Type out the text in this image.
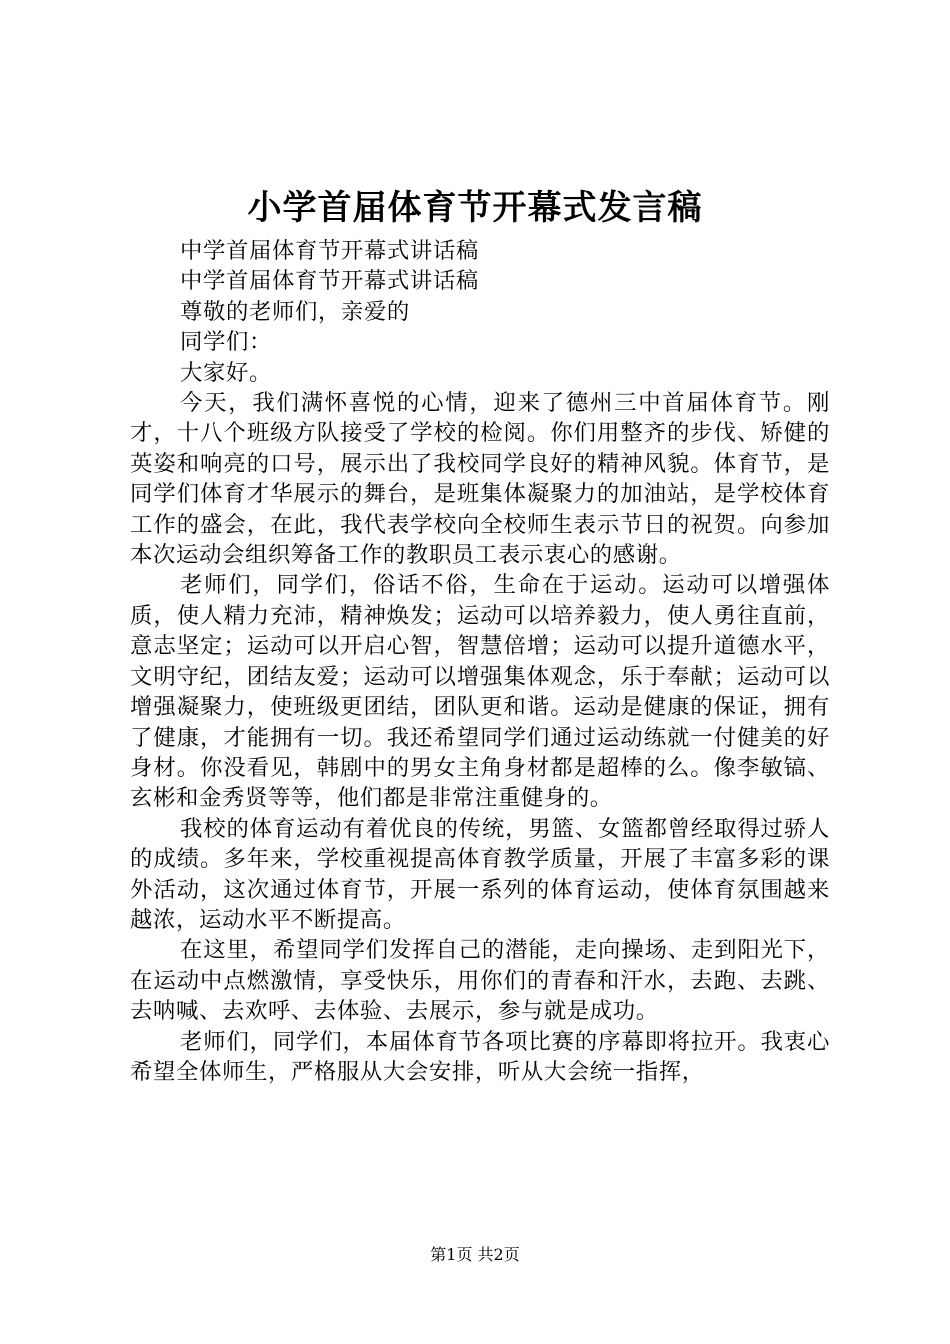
小学首届体育节开幕式发言稿

中学首届体育节开幕式讲话稿

中学首届体育节开幕式讲话稿

尊敬的老师们，亲爱的

同学们：

大家好。

今天，我们满怀喜悦的心情，迎来了德州三中首届体育节。刚才，十八个班级方队接受了学校的检阅。你们用整齐的步伐、矫健的英姿和响亮的口号，展示出了我校同学良好的精神风貌。体育节，是同学们体育才华展示的舞台，是班集体凝聚力的加油站，是学校体育工作的盛会，在此，我代表学校向全校师生表示节日的祝贺。向参加本次运动会组织筹备工作的教职员工表示衷心的感谢。

老师们，同学们，俗话不俗，生命在于运动。运动可以增强体质，使人精力充沛，精神焕发；运动可以培养毅力，使人勇往直前，意志坚定；运动可以开启心智，智慧倍增；运动可以提升道德水平，文明守纪，团结友爱；运动可以增强集体观念，乐于奉献；运动可以增强凝聚力，使班级更团结，团队更和谐。运动是健康的保证，拥有了健康，才能拥有一切。我还希望同学们通过运动练就一付健美的好身材。你没看见，韩剧中的男女主角身材都是超棒的么。像李敏镐、玄彬和金秀贤等等，他们都是非常注重健身的。

我校的体育运动有着优良的传统，男篮、女篮都曾经取得过骄人的成绩。多年来，学校重视提高体育教学质量，开展了丰富多彩的课外活动，这次通过体育节，开展一系列的体育运动，使体育氛围越来越浓，运动水平不断提高。

在这里，希望同学们发挥自己的潜能，走向操场、走到阳光下，在运动中点燃激情，享受快乐，用你们的青春和汗水，去跑、去跳、去呐喊、去欢呼、去体验、去展示，参与就是成功。

老师们，同学们，本届体育节各项比赛的序幕即将拉开。我衷心希望全体师生，严格服从大会安排，听从大会统一指挥，

第1页 共2页
